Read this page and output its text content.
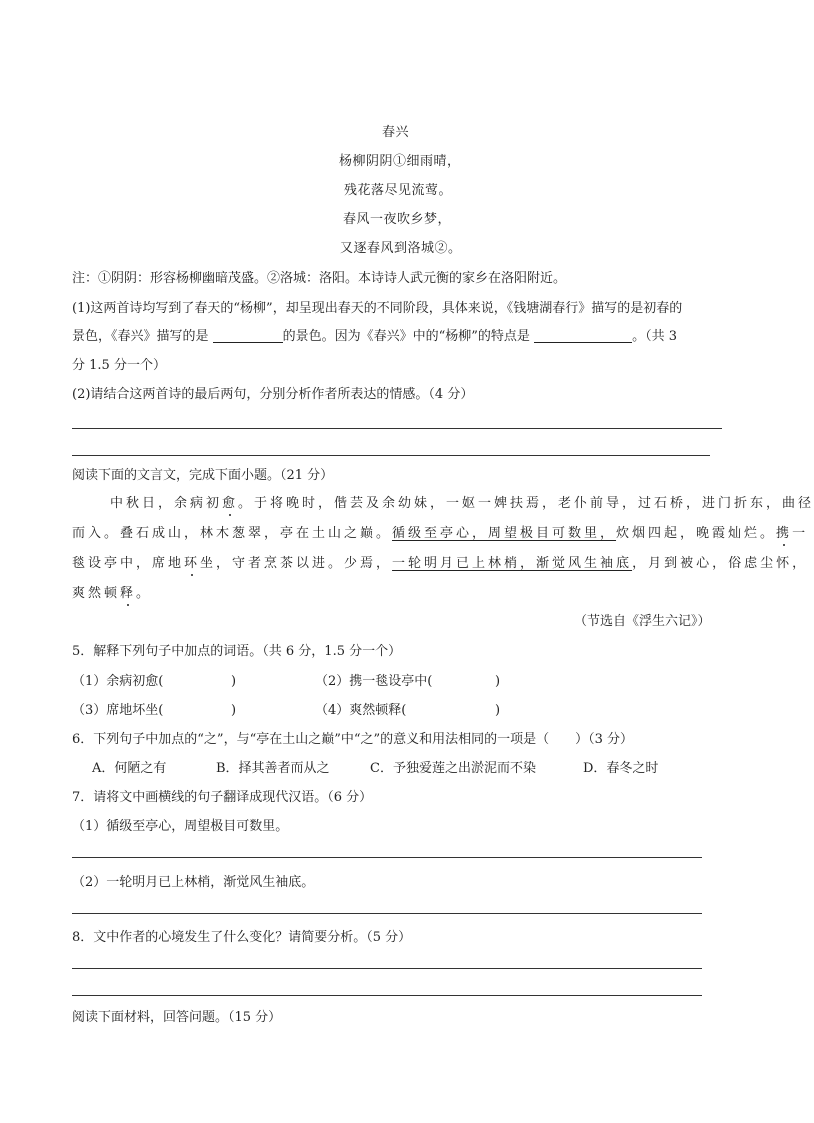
春兴
杨柳阴阴①细雨晴，
残花落尽见流莺。
春风一夜吹乡梦，
又逐春风到洛城②。
注：①阴阴：形容杨柳幽暗茂盛。②洛城：洛阳。本诗诗人武元衡的家乡在洛阳附近。
(1)这两首诗均写到了春天的“杨柳”，却呈现出春天的不同阶段，具体来说，《钱塘湖春行》描写的是初春的
景色，《春兴》描写的是	的景色。因为《春兴》中的“杨柳”的特点是	。（共 3
分 1.5 分一个）
(2)请结合这两首诗的最后两句，分别分析作者所表达的情感。（4 分）
阅读下面的文言文，完成下面小题。（21 分）
中秋日，余病初愈。于将晚时，偕芸及余幼妹，一妪一婢扶焉，老仆前导，过石桥，进门折东，曲径
而入。叠石成山，林木葱翠，亭在土山之巅。循级至亭心，周望极目可数里，炊烟四起，晚霞灿烂。携一
毯设亭中，席地环坐，守者烹茶以进。少焉，一轮明月已上林梢，渐觉风生袖底，月到被心，俗虑尘怀，
爽然顿释。
（节选自《浮生六记》）
5．解释下列句子中加点的词语。（共 6 分，1.5 分一个）
（1）余病初愈(	)	（2）携一毯设亭中(	)
（3）席地坏坐(	)	（4）爽然顿释(	)
6．下列句子中加点的“之”，与“亭在土山之巅”中“之”的意义和用法相同的一项是（　　）（3 分）
A．何陋之有	B．择其善者而从之	C．予独爱莲之出淤泥而不染	D．春冬之时
7．请将文中画横线的句子翻译成现代汉语。（6 分）
（1）循级至亭心，周望极目可数里。
（2）一轮明月已上林梢，渐觉风生袖底。
8．文中作者的心境发生了什么变化？请简要分析。（5 分）
阅读下面材料，回答问题。（15 分）
